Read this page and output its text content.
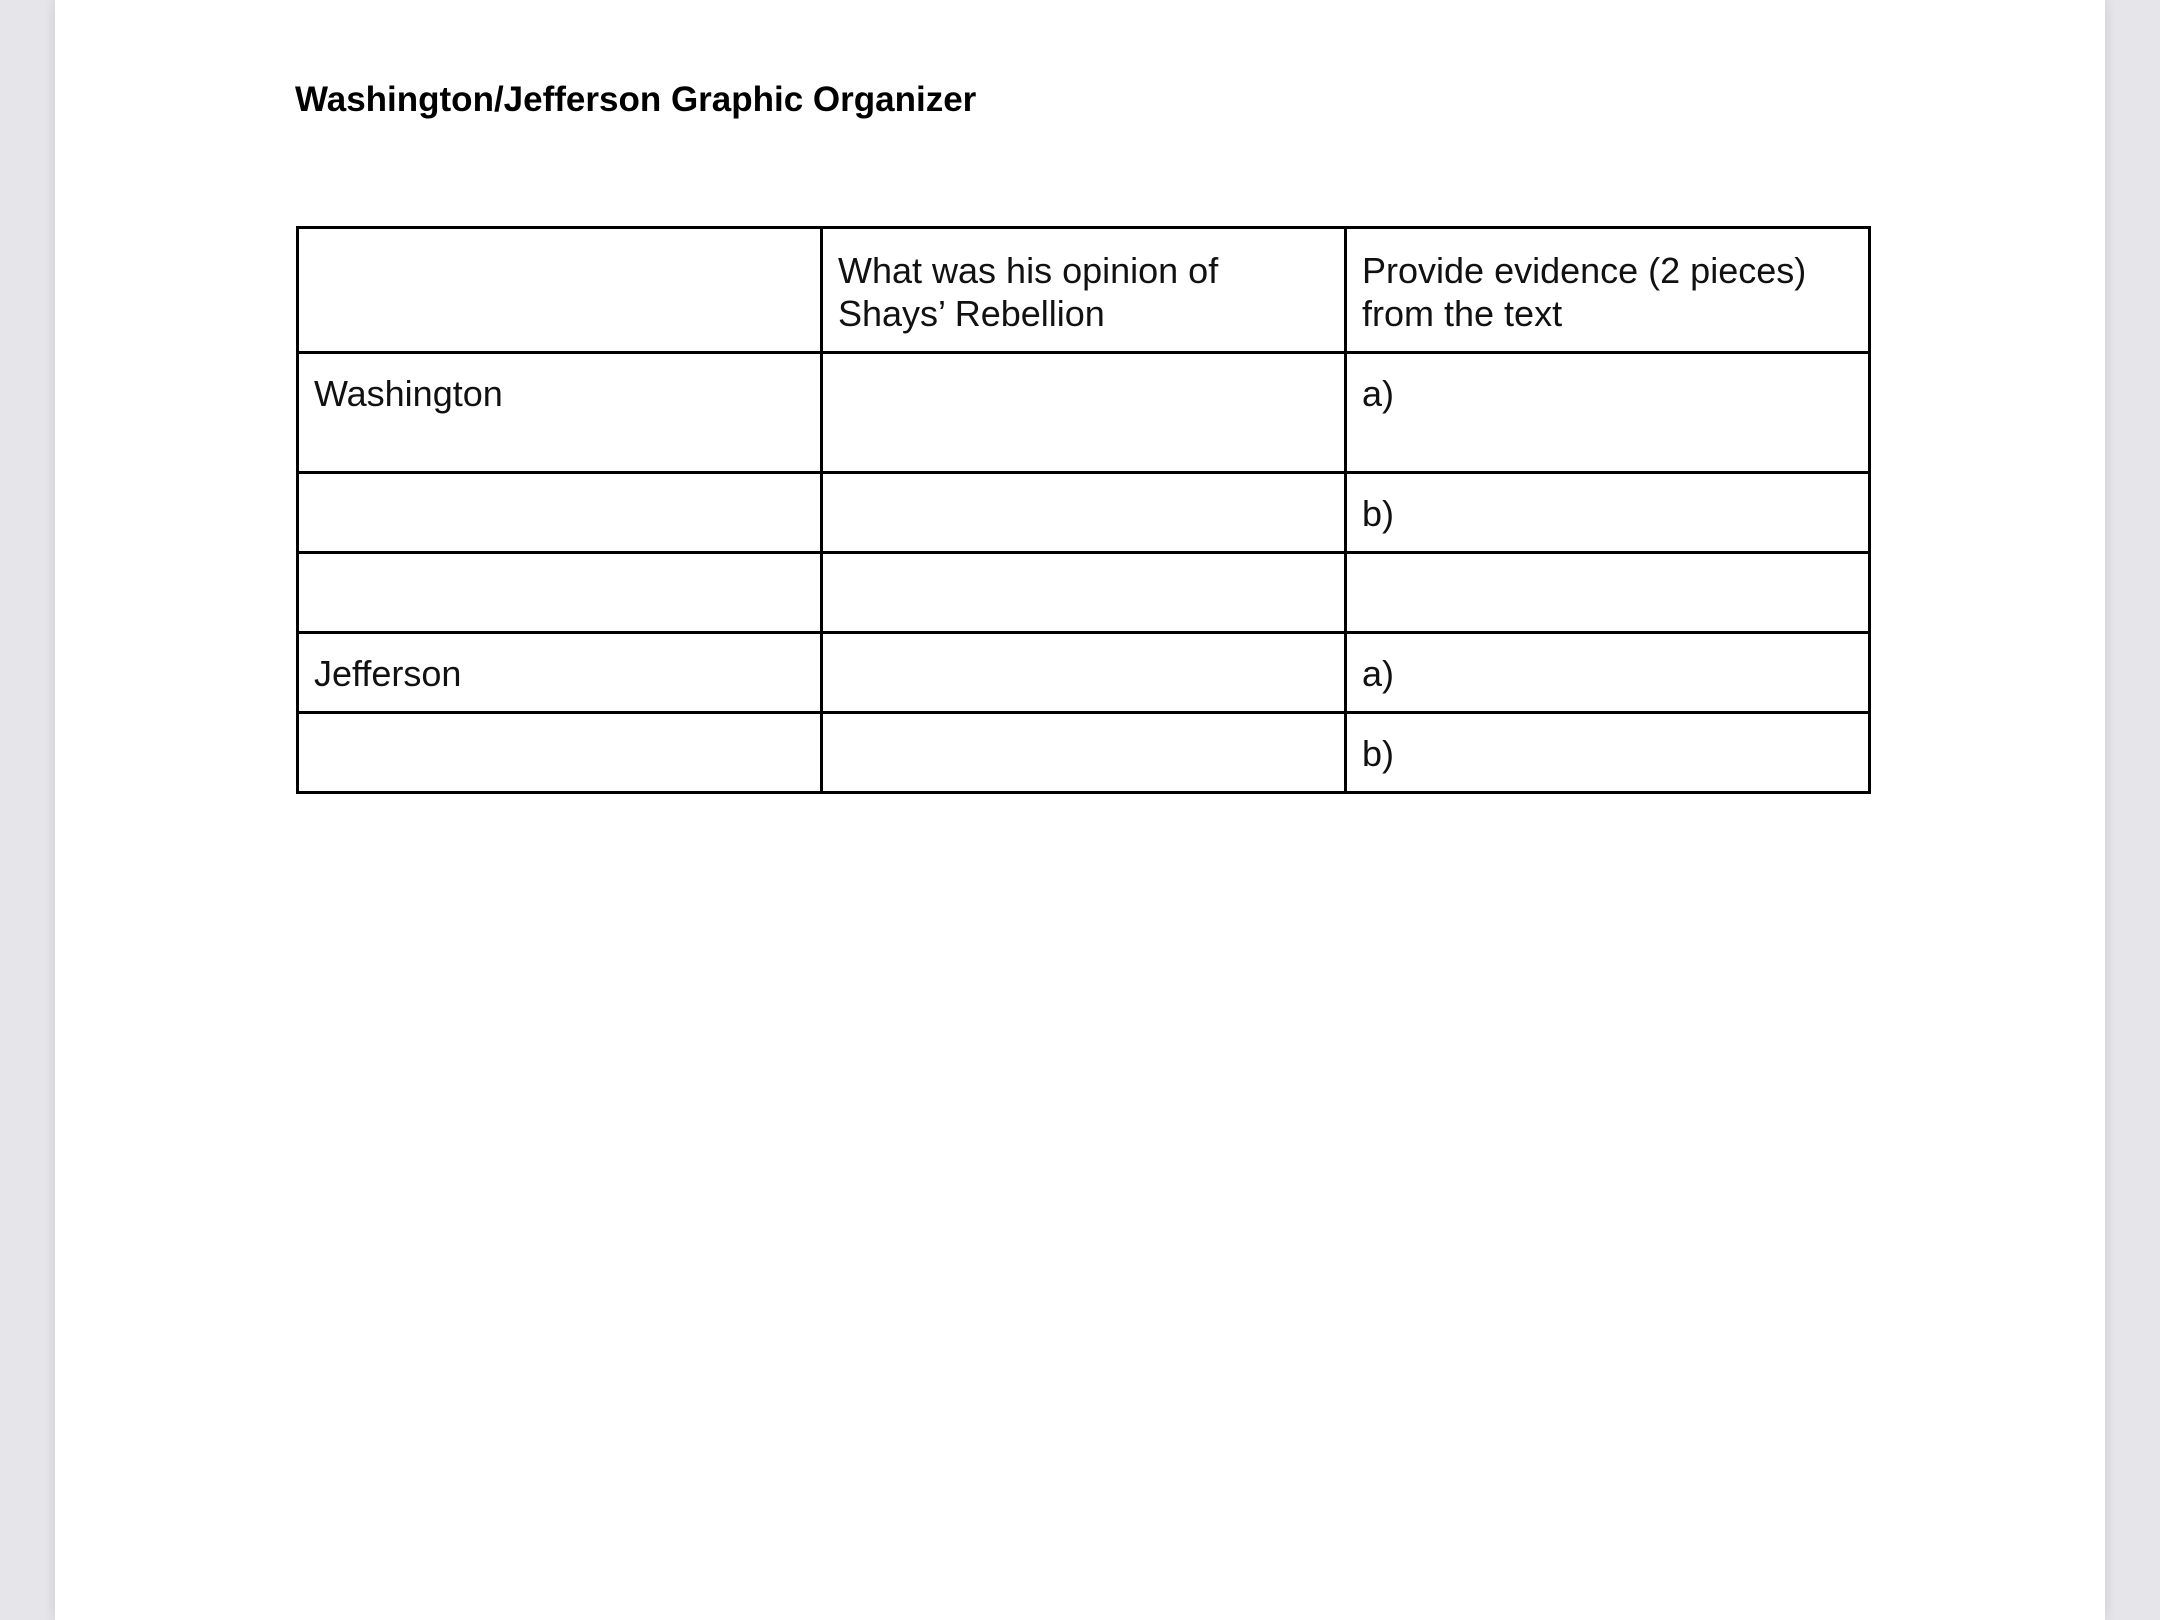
Washington/Jefferson Graphic Organizer
	What was his opinion of Shays’ Rebellion	Provide evidence (2 pieces) from the text
Washington		a)
		b)

Jefferson		a)
		b)
